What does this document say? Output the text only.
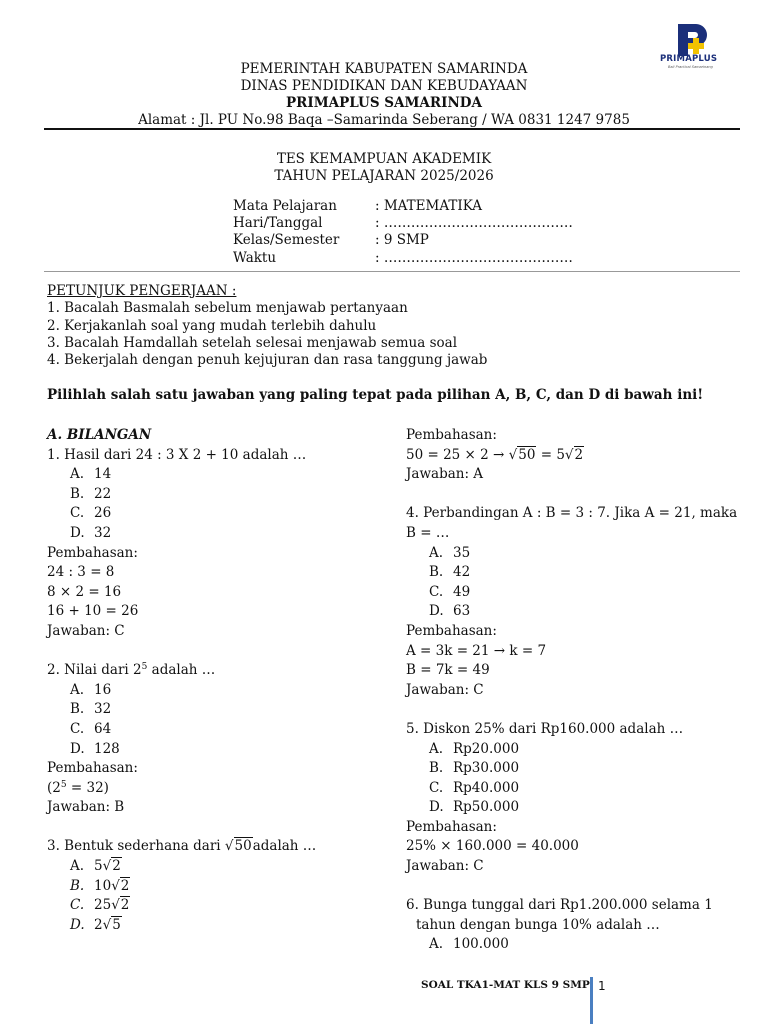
PRIMAPLUS
Bali Practical Samarinang
PEMERINTAH KABUPATEN SAMARINDA
DINAS PENDIDIKAN DAN KEBUDAYAAN
PRIMAPLUS SAMARINDA
Alamat : Jl. PU No.98 Baqa –Samarinda Seberang / WA 0831 1247 9785
TES KEMAMPUAN AKADEMIK
TAHUN PELAJARAN 2025/2026
Mata Pelajaran	: MATEMATIKA
Hari/Tanggal	: ……………………………………
Kelas/Semester	: 9 SMP
Waktu	: ……………………………………
PETUNJUK PENGERJAAN :
1. Bacalah Basmalah sebelum menjawab pertanyaan
2. Kerjakanlah soal yang mudah terlebih dahulu
3. Bacalah Hamdallah setelah selesai menjawab semua soal
4. Bekerjalah dengan penuh kejujuran dan rasa tanggung jawab
Pilihlah salah satu jawaban yang paling tepat pada pilihan A, B, C, dan D di bawah ini!
A. BILANGAN
1. Hasil dari 24 : 3 X 2 + 10 adalah …
A. 14
B. 22
C. 26
D. 32
Pembahasan:
24 : 3 = 8
8 × 2 = 16
16 + 10 = 26
Jawaban: C
2. Nilai dari $2^5$ adalah …
A. 16
B. 32
C. 64
D. 128
Pembahasan:
$(2^5 = 32)$
Jawaban: B
3. Bentuk sederhana dari √50adalah …
A. 5√2
B. 10√2
C. 25√2
D. 2√5
Pembahasan:
50 = 25 × 2 → √50 = 5√2
Jawaban: A
4. Perbandingan A : B = 3 : 7. Jika A = 21, maka
B = …
A. 35
B. 42
C. 49
D. 63
Pembahasan:
A = 3k = 21 → k = 7
B = 7k = 49
Jawaban: C
5. Diskon 25% dari Rp160.000 adalah …
A. Rp20.000
B. Rp30.000
C. Rp40.000
D. Rp50.000
Pembahasan:
25% × 160.000 = 40.000
Jawaban: C
6. Bunga tunggal dari Rp1.200.000 selama 1
tahun dengan bunga 10% adalah …
A. 100.000
SOAL TKA1-MAT KLS 9 SMP 1
